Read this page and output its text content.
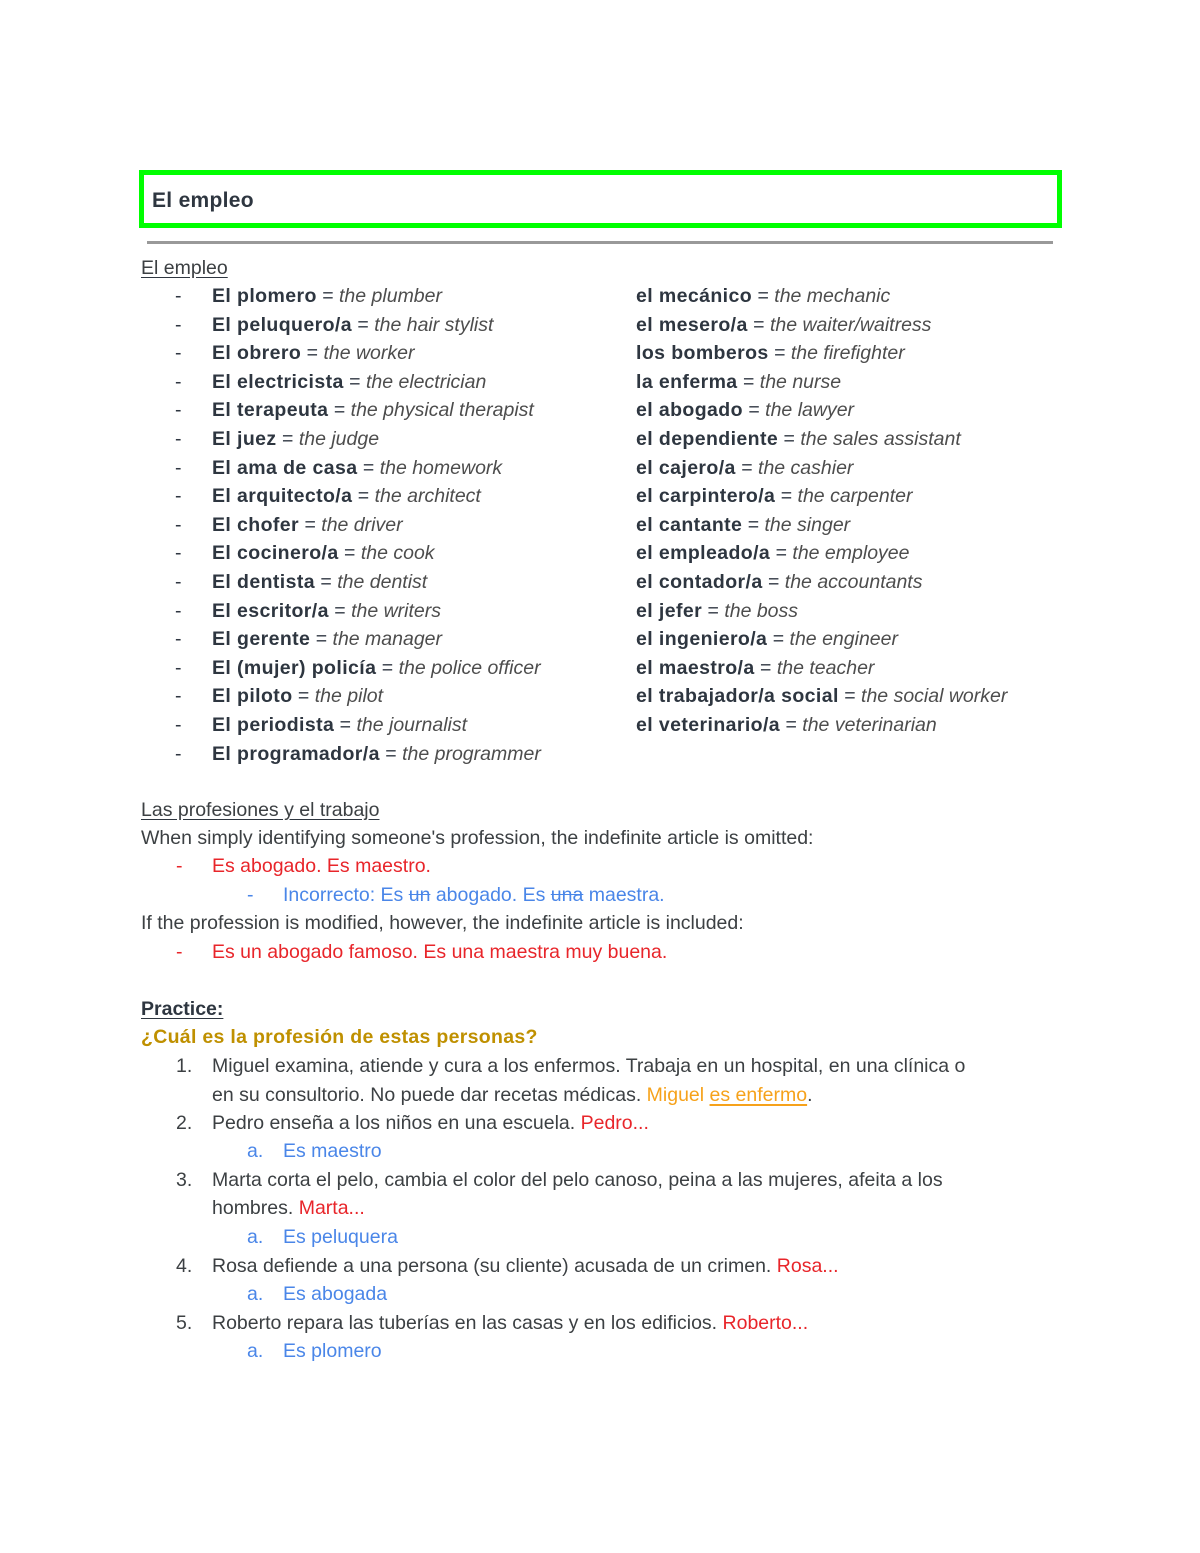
El empleo
El empleo
- El plomero = the plumber
- El peluquero/a = the hair stylist
- El obrero = the worker
- El electricista = the electrician
- El terapeuta = the physical therapist
- El juez = the judge
- El ama de casa = the homework
- El arquitecto/a = the architect
- El chofer = the driver
- El cocinero/a = the cook
- El dentista = the dentist
- El escritor/a = the writers
- El gerente = the manager
- El (mujer) policía = the police officer
- El piloto = the pilot
- El periodista = the journalist
- El programador/a = the programmer
el mecánico = the mechanic
el mesero/a = the waiter/waitress
los bomberos = the firefighter
la enferma = the nurse
el abogado = the lawyer
el dependiente = the sales assistant
el cajero/a = the cashier
el carpintero/a = the carpenter
el cantante = the singer
el empleado/a = the employee
el contador/a = the accountants
el jefer = the boss
el ingeniero/a = the engineer
el maestro/a = the teacher
el trabajador/a social = the social worker
el veterinario/a = the veterinarian
Las profesiones y el trabajo
When simply identifying someone's profession, the indefinite article is omitted:
- Es abogado. Es maestro.
- Incorrecto: Es un abogado. Es una maestra.
If the profession is modified, however, the indefinite article is included:
- Es un abogado famoso. Es una maestra muy buena.
Practice:
¿Cuál es la profesión de estas personas?
1. Miguel examina, atiende y cura a los enfermos. Trabaja en un hospital, en una clínica o
en su consultorio. No puede dar recetas médicas. Miguel es enfermo.
2. Pedro enseña a los niños en una escuela. Pedro...
a. Es maestro
3. Marta corta el pelo, cambia el color del pelo canoso, peina a las mujeres, afeita a los
hombres. Marta...
a. Es peluquera
4. Rosa defiende a una persona (su cliente) acusada de un crimen. Rosa...
a. Es abogada
5. Roberto repara las tuberías en las casas y en los edificios. Roberto...
a. Es plomero
